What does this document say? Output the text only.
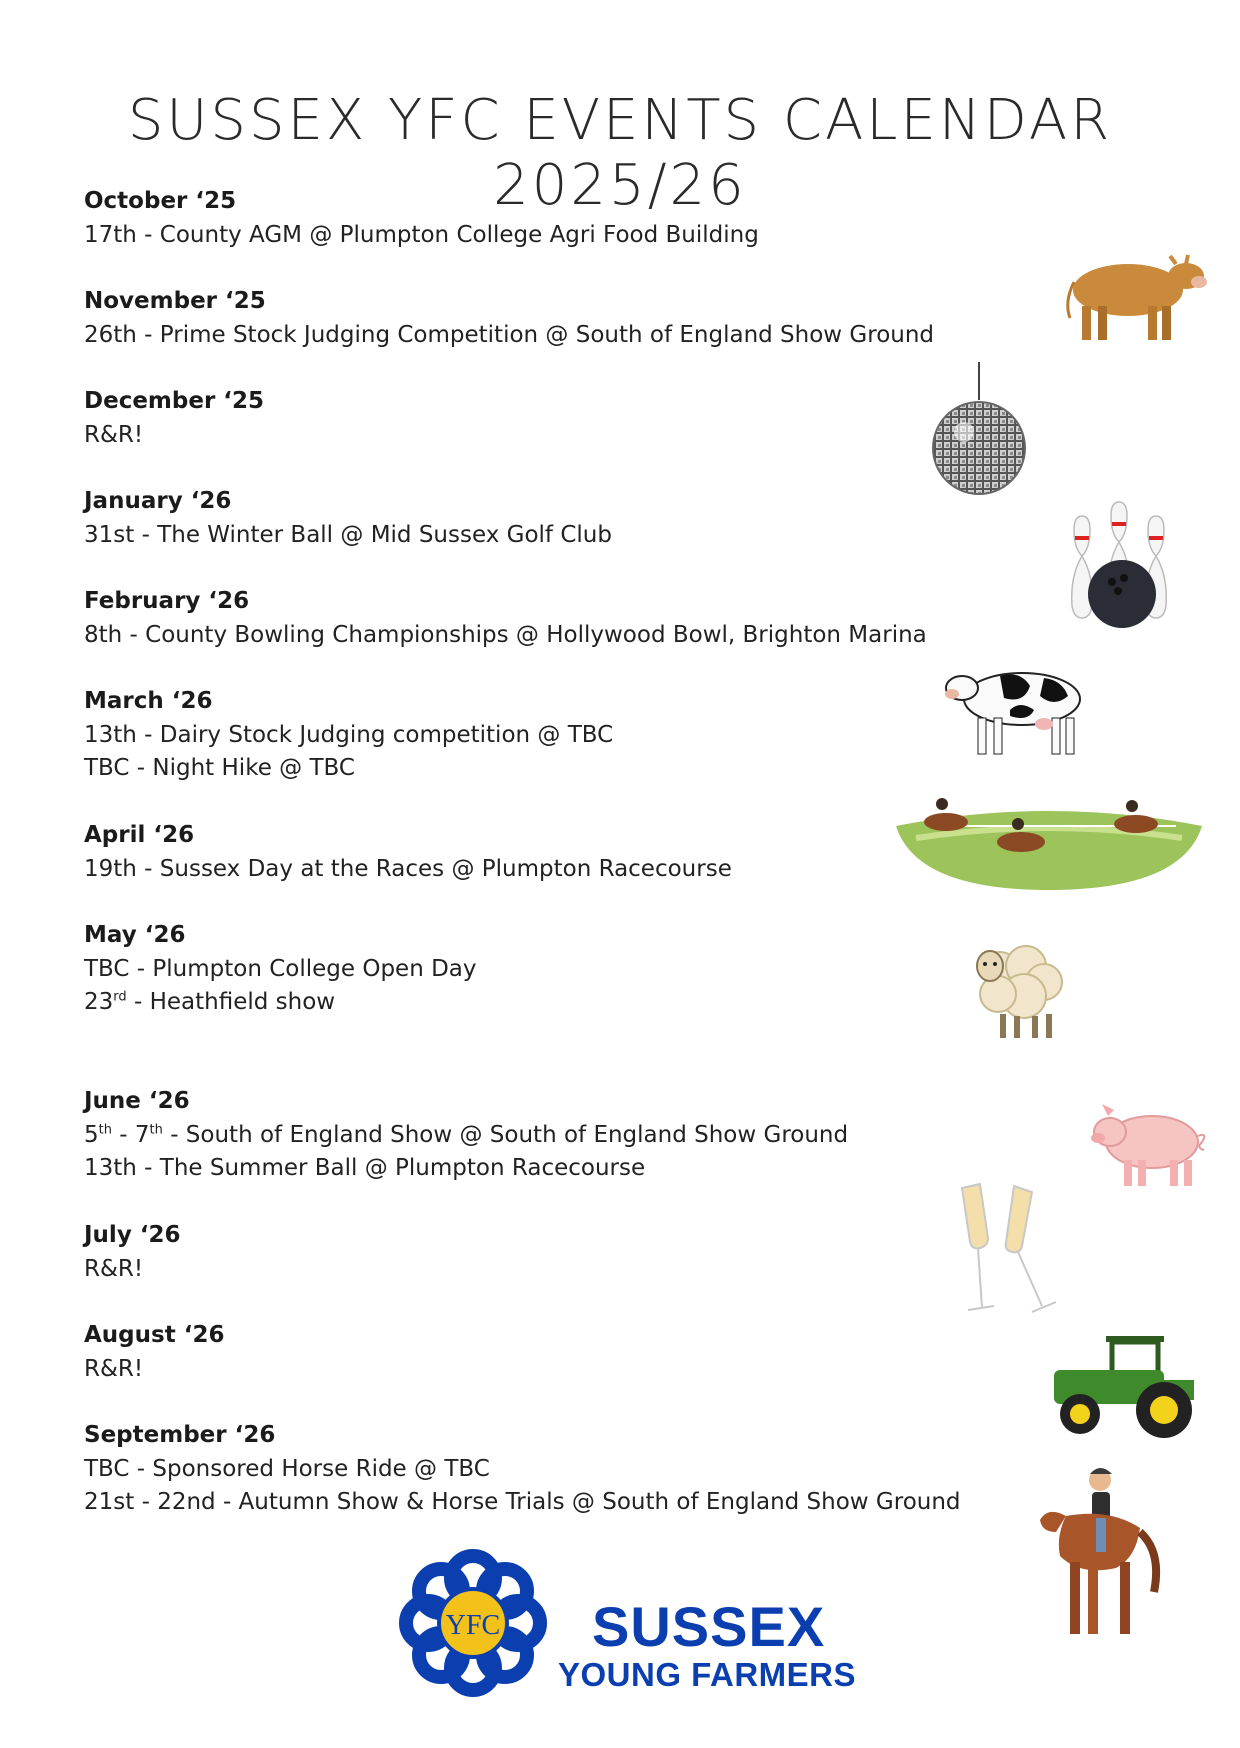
SUSSEX YFC EVENTS CALENDAR 2025/26
October ‘25
17th - County AGM @ Plumpton College Agri Food Building
November ‘25
26th - Prime Stock Judging Competition @ South of England Show Ground
December ‘25
R&R!
January ‘26
31st - The Winter Ball @ Mid Sussex Golf Club
February ‘26
8th - County Bowling Championships @ Hollywood Bowl, Brighton Marina
March ‘26
13th - Dairy Stock Judging competition @ TBC
TBC - Night Hike @ TBC
April ‘26
19th - Sussex Day at the Races @ Plumpton Racecourse
May ‘26
TBC - Plumpton College Open Day
23rd - Heathfield show
June ‘26
5th - 7th - South of England Show @ South of England Show Ground
13th - The Summer Ball @ Plumpton Racecourse
July ‘26
R&R!
August ‘26
R&R!
September ‘26
TBC - Sponsored Horse Ride @ TBC
21st - 22nd - Autumn Show & Horse Trials @ South of England Show Ground
YFC SUSSEX
YOUNG FARMERS
